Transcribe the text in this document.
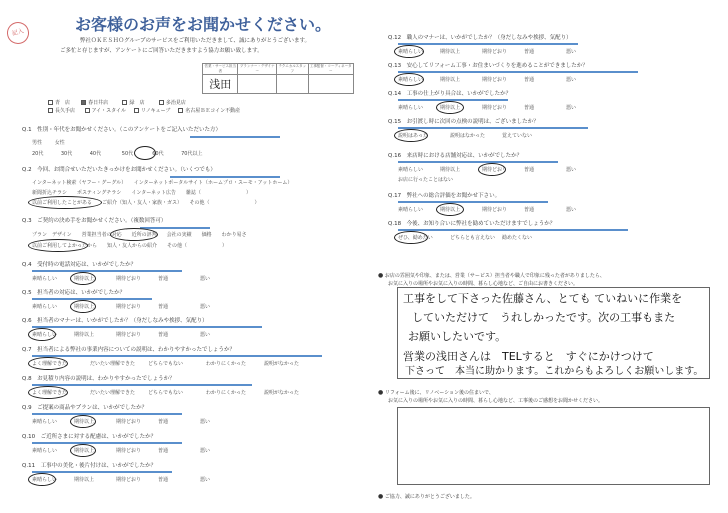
記入	お客様のお声をお聞かせください。
弊社ＯＫＥＳＨＯグループのサービスをご利用いただきまして、誠にありがとうございます。
ご多忙と存じますが、アンケートにご回答いただきますよう協力お願い致します。
営業・サービス担当者	プランナー・デザイナー	テクニカルスタッフ	工事監督・コーディネーター
浅田			
青　店	春日井店	緑　店	多治見店
長久手店	アイ・スタイル	リノキューブ	名古屋ＢＥコイン不動産
Q.1　性別・年代をお聞かせください。（このアンケートをご記入いただいた方）
男性	女性
20代	30代	40代	50代	60代	70代以上
Q.2　今回、お問合せいただいたきっかけをお聞かせください。（いくつでも）
インターネット検索（ヤフー・グーグル）　　インターネットポータルサイト（ホームプロ・スーモ・アットホーム）
新聞折込チラシ　　ポスティングチラシ　　インターネット広告　　雑誌（　　　　　　　　　）
以前ご利用したことがある　　ご紹介（知人・友人・家族・ガス）　　その他（　　　　　　　　　）
Q.3　ご契約の決め手をお聞かせください。（複数回答可）
プラン　デザイン　　営業担当者の対応　　近所の評判　　会社の実績　　価格　　わかり易さ
以前ご利用してよかったから　　知人・友人からの紹介　　その他（　　　　　　　）
Q.4　受付時の電話対応は、いかがでしたか？
素晴らしい	期待以上	期待どおり	普通	悪い
Q.5　担当者の対応は、いかがでしたか？
素晴らしい	期待以上	期待どおり	普通	悪い
Q.6　担当者のマナーは、いかがでしたか？（身だしなみや挨拶、気配り）
素晴らしい	期待以上	期待どおり	普通	悪い
Q.7　担当者による弊社の事業内容についての説明は、わかりやすかったでしょうか？
よく理解できた	だいたい理解できた	どちらでもない	わかりにくかった	説明がなかった
Q.8　お見積り内容の説明は、わかりやすかったでしょうか？
よく理解できた	だいたい理解できた	どちらでもない	わかりにくかった	説明がなかった
Q.9　ご提案の商品やプランは、いかがでしたか？
素晴らしい	期待以上	期待どおり	普通	悪い
Q.10　ご近所さまに対する配慮は、いかがでしたか？
素晴らしい	期待以上	期待どおり	普通	悪い
Q.11　工事中の美化・後片付けは、いかがでしたか？
素晴らしい	期待以上	期待どおり	普通	悪い
Q.12　職人のマナーは、いかがでしたか？（身だしなみや挨拶、気配り）
素晴らしい	期待以上	期待どおり	普通	悪い
Q.13　安心してリフォーム工事・お住まいづくりを進めることができましたか？
素晴らしい	期待以上	期待どおり	普通	悪い
Q.14　工事の仕上がり具合は、いかがでしたか？
素晴らしい	期待以上	期待どおり	普通	悪い
Q.15　お引渡し時に次回の点検の説明は、ございましたか？
説明はあった	説明はなかった	覚えていない
Q.16　来店時における店舗対応は、いかがでしたか？
素晴らしい	期待以上	期待どおり	普通	悪い
お店に行ったことはない
Q.17　弊社への総合評価をお聞かせ下さい。
素晴らしい	期待以上	期待どおり	普通	悪い
Q.18　今後、お知り合いに弊社を勧めていただけますでしょうか？
ぜひ、勧めたい	どちらとも言えない 勧めたくない
● お店の雰囲気や印象、または、営業（サービス）担当者や職人で印象に残った者がありましたら、
お気に入りの場所やお気に入りの時間、暮らし心地など、ご自由にお書きください。
工事をして下さった佐藤さん、とても ていねいに作業を
していただけて　うれしかったです。次の工事もまた
お願いしたいです。
営業の浅田さんは　TELすると　すぐにかけつけて
下さって　本当に助かります。これからもよろしくお願いします。
● リフォーム後に、リノベーション後の住まいで、
お気に入りの場所やお気に入りの時間、暮らし心地など、工事後のご感想をお聞かせください。
● ご協力、誠にありがとうございました。
